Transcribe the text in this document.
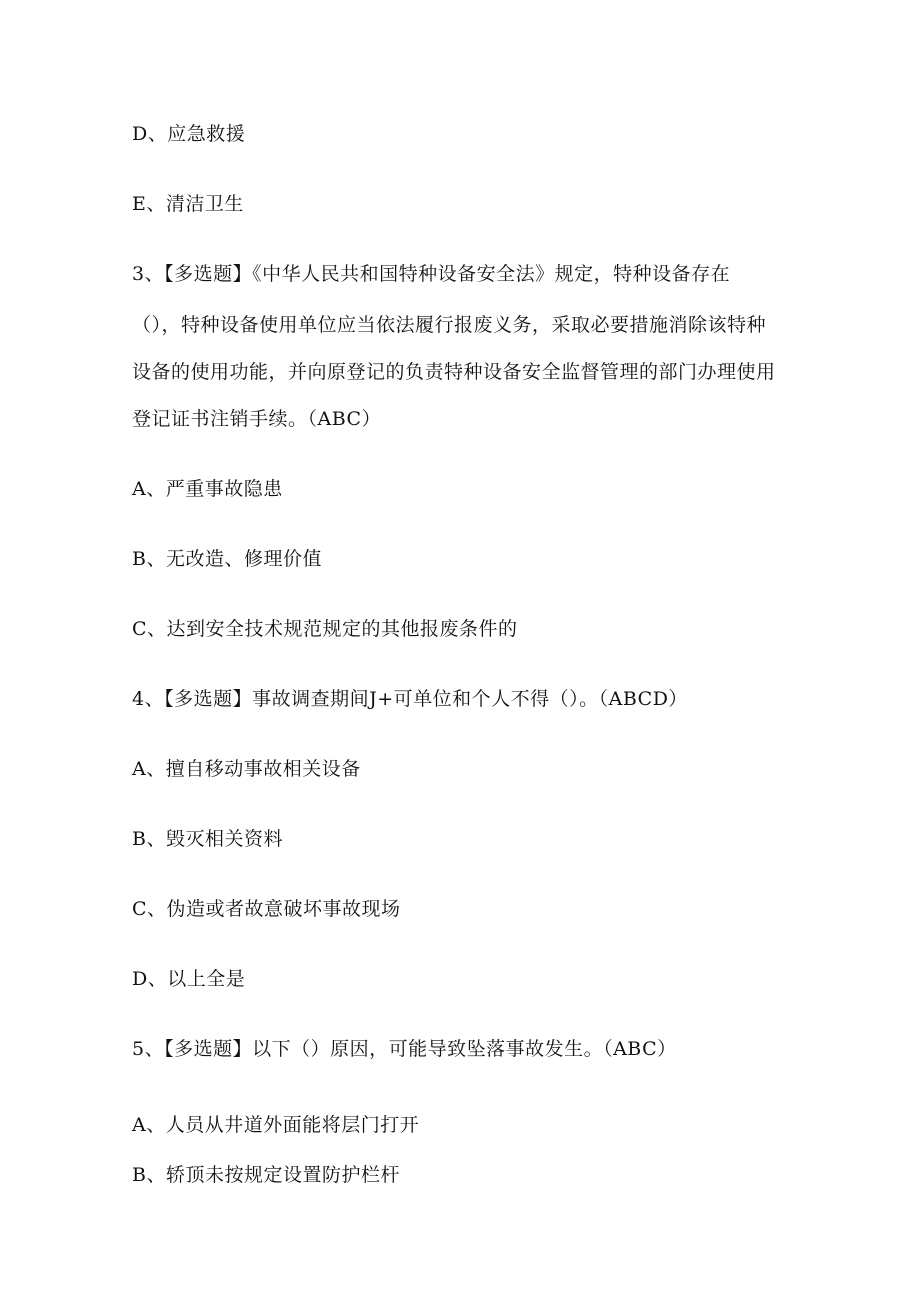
D、应急救援
E、清洁卫生
3、【多选题】《中华人民共和国特种设备安全法》规定，特种设备存在
（），特种设备使用单位应当依法履行报废义务，采取必要措施消除该特种
设备的使用功能，并向原登记的负责特种设备安全监督管理的部门办理使用
登记证书注销手续。（ABC）
A、严重事故隐患
B、无改造、修理价值
C、达到安全技术规范规定的其他报废条件的
4、【多选题】事故调查期间J+可单位和个人不得（）。（ABCD）
A、擅自移动事故相关设备
B、毁灭相关资料
C、伪造或者故意破坏事故现场
D、以上全是
5、【多选题】以下（）原因，可能导致坠落事故发生。（ABC）
A、人员从井道外面能将层门打开
B、轿顶未按规定设置防护栏杆
